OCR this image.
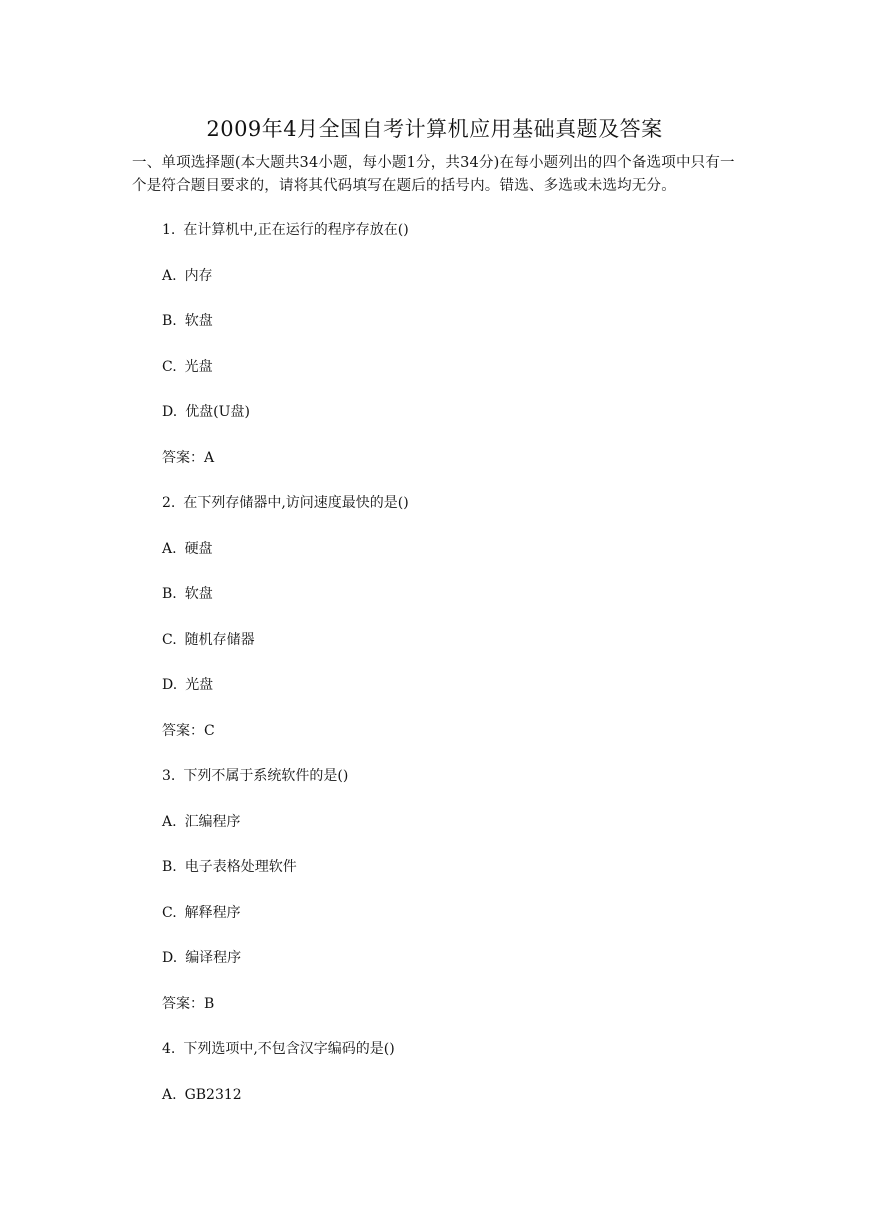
2009年4月全国自考计算机应用基础真题及答案
一、单项选择题(本大题共34小题，每小题1分，共34分)在每小题列出的四个备选项中只有一个是符合题目要求的，请将其代码填写在题后的括号内。错选、多选或未选均无分。
1. 在计算机中,正在运行的程序存放在()
A. 内存
B. 软盘
C. 光盘
D. 优盘(U盘)
答案：A
2. 在下列存储器中,访问速度最快的是()
A. 硬盘
B. 软盘
C. 随机存储器
D. 光盘
答案：C
3. 下列不属于系统软件的是()
A. 汇编程序
B. 电子表格处理软件
C. 解释程序
D. 编译程序
答案：B
4. 下列选项中,不包含汉字编码的是()
A. GB2312
